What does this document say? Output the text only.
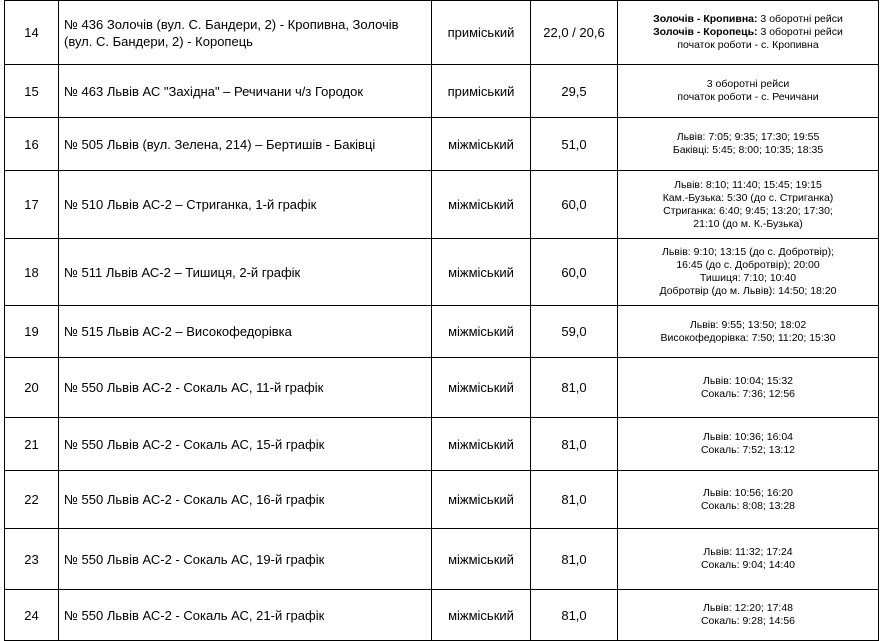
14	№ 436 Золочів (вул. С. Бандери, 2) - Кропивна, Золочів (вул. С. Бандери, 2) - Коропець	приміський	22,0 / 20,6	Золочів - Кропивна: 3 оборотні рейси
Золочів - Коропець: 3 оборотні рейси
початок роботи - с. Кропивна

15	№ 463 Львів АС "Західна" – Речичани ч/з Городок	приміський	29,5	3 оборотні рейси
початок роботи - с. Речичани

16	№ 505 Львів (вул. Зелена, 214) – Бертишів - Баківці	міжміський	51,0	Львів: 7:05; 9:35; 17:30; 19:55
Баківці: 5:45; 8:00; 10:35; 18:35

17	№ 510 Львів АС-2 – Стриганка, 1-й графік	міжміський	60,0	Львів: 8:10; 11:40; 15:45; 19:15
Кам.-Бузька: 5:30 (до с. Стриганка)
Стриганка: 6:40; 9:45; 13:20; 17:30;
21:10 (до м. К.-Бузька)

18	№ 511 Львів АС-2 – Тишиця, 2-й графік	міжміський	60,0	Львів: 9:10; 13:15 (до с. Добротвір);
16:45 (до с. Добротвір); 20:00
Тишиця: 7:10; 10:40
Добротвір (до м. Львів): 14:50; 18:20

19	№ 515 Львів АС-2 – Високофедорівка	міжміський	59,0	Львів: 9:55; 13:50; 18:02
Високофедорівка: 7:50; 11:20; 15:30

20	№ 550 Львів АС-2 - Сокаль АС, 11-й графік	міжміський	81,0	Львів: 10:04; 15:32
Сокаль: 7:36; 12:56

21	№ 550 Львів АС-2 - Сокаль АС, 15-й графік	міжміський	81,0	Львів: 10:36; 16:04
Сокаль: 7:52; 13:12

22	№ 550 Львів АС-2 - Сокаль АС, 16-й графік	міжміський	81,0	Львів: 10:56; 16:20
Сокаль: 8:08; 13:28

23	№ 550 Львів АС-2 - Сокаль АС, 19-й графік	міжміський	81,0	Львів: 11:32; 17:24
Сокаль: 9:04; 14:40

24	№ 550 Львів АС-2 - Сокаль АС, 21-й графік	міжміський	81,0	Львів: 12:20; 17:48
Сокаль: 9:28; 14:56
